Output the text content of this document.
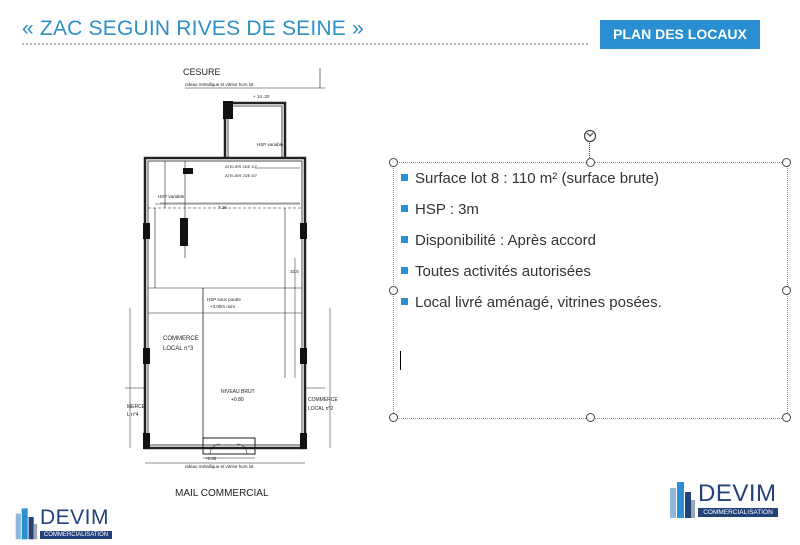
« ZAC SEGUIN RIVES DE SEINE »	PLAN DES LOCAUX
CESURE
rideau métallique et vitrine hors lot
+ 14 .20
HSP variable
ATELIER 2DE 4/7
ATELIER 2DE 5/7
HSP variable
7.26
10.5
HSP sous poutre
+3.00m mini
COMMERCE
LOCAL n°3
NIVEAU BRUT
+0.80
MERCE
L n°4
COMMERCE
LOCAL n°2
+0.85
rideau métallique et vitrine hors lot
MAIL COMMERCIAL
Surface lot 8 : 110 m² (surface brute)
HSP : 3m
Disponibilité : Après accord
Toutes activités autorisées
Local livré aménagé, vitrines posées.
DEVIM
COMMERCIALISATION
DEVIM
COMMERCIALISATION
